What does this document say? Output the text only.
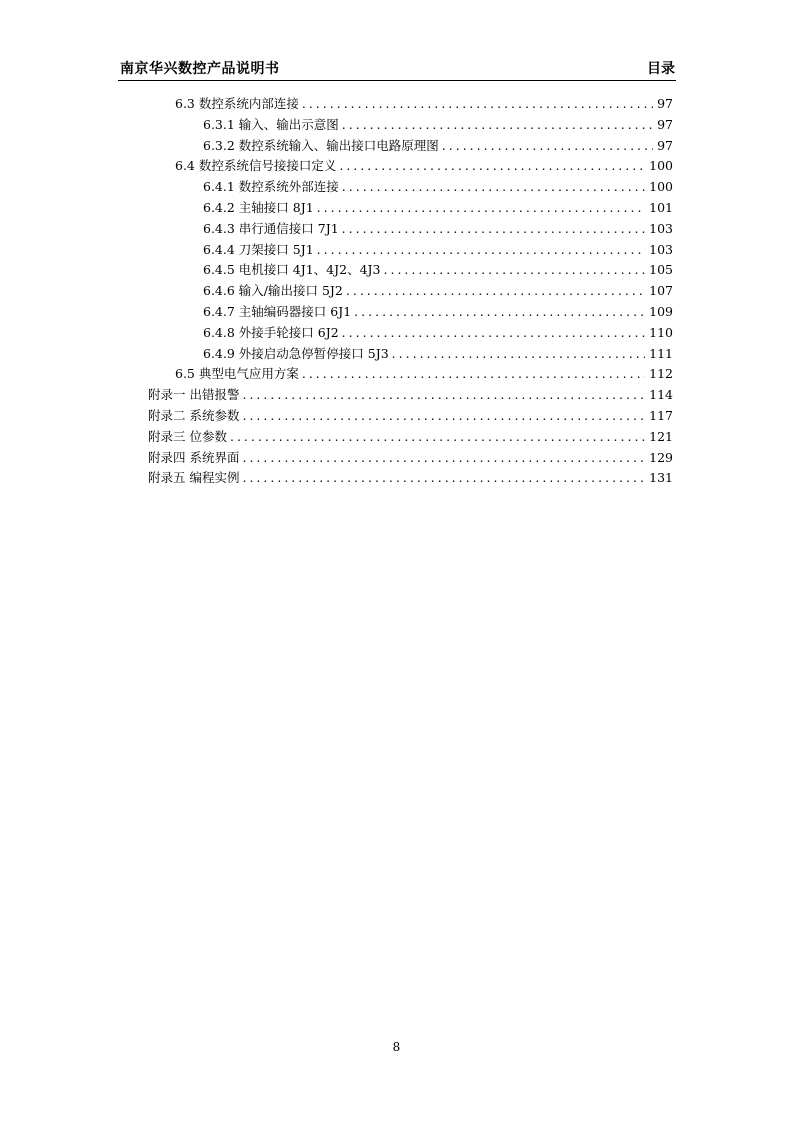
南京华兴数控产品说明书	目录
6.3 数控系统内部连接 .....	97
6.3.1 输入、输出示意图 .....	97
6.3.2 数控系统输入、输出接口电路原理图 .....	97
6.4 数控系统信号接接口定义 .....	100
6.4.1 数控系统外部连接 .....	100
6.4.2 主轴接口 8J1 .....	101
6.4.3 串行通信接口 7J1 .....	103
6.4.4 刀架接口 5J1 .....	103
6.4.5 电机接口 4J1、4J2、4J3 .....	105
6.4.6 输入/输出接口 5J2 .....	107
6.4.7 主轴编码器接口 6J1 .....	109
6.4.8 外接手轮接口 6J2 .....	110
6.4.9 外接启动急停暂停接口 5J3 .....	111
6.5 典型电气应用方案 .....	112
附录一 出错报警 .....	114
附录二 系统参数 .....	117
附录三 位参数 .....	121
附录四 系统界面 .....	129
附录五 编程实例 .....	131
8
